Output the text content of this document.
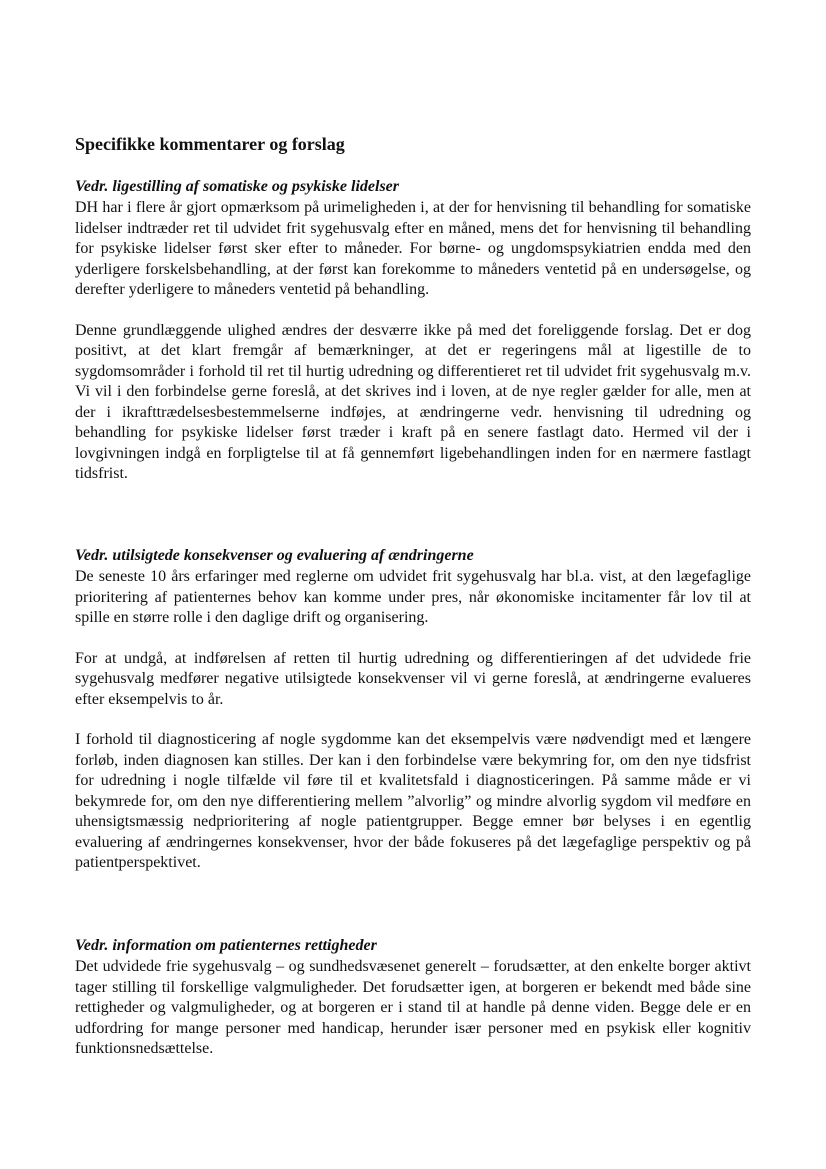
Specifikke kommentarer og forslag
Vedr. ligestilling af somatiske og psykiske lidelser

DH har i flere år gjort opmærksom på urimeligheden i, at der for henvisning til behandling for somatiske lidelser indtræder ret til udvidet frit sygehusvalg efter en måned, mens det for henvisning til behandling for psykiske lidelser først sker efter to måneder. For børne- og ungdomspsykiatrien endda med den yderligere forskelsbehandling, at der først kan forekomme to måneders ventetid på en undersøgelse, og derefter yderligere to måneders ventetid på behandling.

Denne grundlæggende ulighed ændres der desværre ikke på med det foreliggende forslag. Det er dog positivt, at det klart fremgår af bemærkninger, at det er regeringens mål at ligestille de to sygdomsområder i forhold til ret til hurtig udredning og differentieret ret til udvidet frit sygehusvalg m.v. Vi vil i den forbindelse gerne foreslå, at det skrives ind i loven, at de nye regler gælder for alle, men at der i ikrafttrædelsesbestemmelserne indføjes, at ændringerne vedr. henvisning til udredning og behandling for psykiske lidelser først træder i kraft på en senere fastlagt dato. Hermed vil der i lovgivningen indgå en forpligtelse til at få gennemført ligebehandlingen inden for en nærmere fastlagt tidsfrist.

Vedr. utilsigtede konsekvenser og evaluering af ændringerne

De seneste 10 års erfaringer med reglerne om udvidet frit sygehusvalg har bl.a. vist, at den lægefaglige prioritering af patienternes behov kan komme under pres, når økonomiske incitamenter får lov til at spille en større rolle i den daglige drift og organisering.

For at undgå, at indførelsen af retten til hurtig udredning og differentieringen af det udvidede frie sygehusvalg medfører negative utilsigtede konsekvenser vil vi gerne foreslå, at ændringerne evalueres efter eksempelvis to år.

I forhold til diagnosticering af nogle sygdomme kan det eksempelvis være nødvendigt med et længere forløb, inden diagnosen kan stilles. Der kan i den forbindelse være bekymring for, om den nye tidsfrist for udredning i nogle tilfælde vil føre til et kvalitetsfald i diagnosticeringen. På samme måde er vi bekymrede for, om den nye differentiering mellem ”alvorlig” og mindre alvorlig sygdom vil medføre en uhensigtsmæssig nedprioritering af nogle patientgrupper. Begge emner bør belyses i en egentlig evaluering af ændringernes konsekvenser, hvor der både fokuseres på det lægefaglige perspektiv og på patientperspektivet.

Vedr. information om patienternes rettigheder

Det udvidede frie sygehusvalg – og sundhedsvæsenet generelt – forudsætter, at den enkelte borger aktivt tager stilling til forskellige valgmuligheder. Det forudsætter igen, at borgeren er bekendt med både sine rettigheder og valgmuligheder, og at borgeren er i stand til at handle på denne viden. Begge dele er en udfordring for mange personer med handicap, herunder især personer med en psykisk eller kognitiv funktionsnedsættelse.
